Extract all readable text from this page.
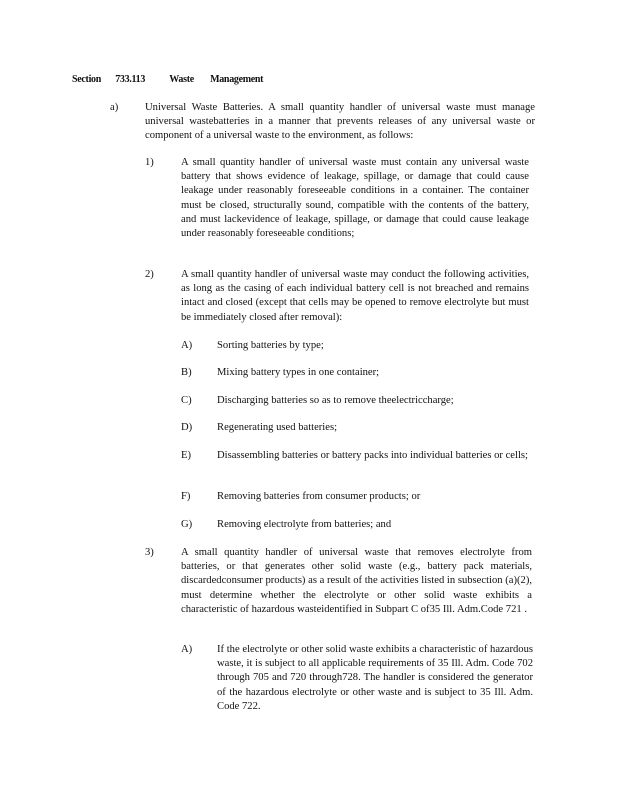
Section 733.113 Waste Management
a)	Universal Waste Batteries. A small quantity handler of universal waste must manage universal wastebatteries in a manner that prevents releases of any universal waste or component of a universal waste to the environment, as follows:
1)	A small quantity handler of universal waste must contain any universal waste battery that shows evidence of leakage, spillage, or damage that could cause leakage under reasonably foreseeable conditions in a container. The container must be closed, structurally sound, compatible with the contents of the battery, and must lackevidence of leakage, spillage, or damage that could cause leakage under reasonably foreseeable conditions;
2)	A small quantity handler of universal waste may conduct the following activities, as long as the casing of each individual battery cell is not breached and remains intact and closed (except that cells may be opened to remove electrolyte but must be immediately closed after removal):
A) Sorting batteries by type;
B) Mixing battery types in one container;
C) Discharging batteries so as to remove theelectriccharge;
D) Regenerating used batteries;
E) Disassembling batteries or battery packs into individual batteries or cells;
F)	Removing batteries from consumer products; or
G) Removing electrolyte from batteries; and
3)	A small quantity handler of universal waste that removes electrolyte from batteries, or that generates other solid waste (e.g., battery pack materials, discardedconsumer products) as a result of the activities listed in subsection (a)(2), must determine whether the electrolyte or other solid waste exhibits a characteristic of hazardous wasteidentified in Subpart C of35 Ill. Adm.Code 721 .
A) If the electrolyte or other solid waste exhibits a characteristic of hazardous waste, it is subject to all applicable requirements of 35 Ill. Adm. Code 702 through 705 and 720 through728. The handler is considered the generator of the hazardous electrolyte or other waste and is subject to 35 Ill. Adm. Code 722.
